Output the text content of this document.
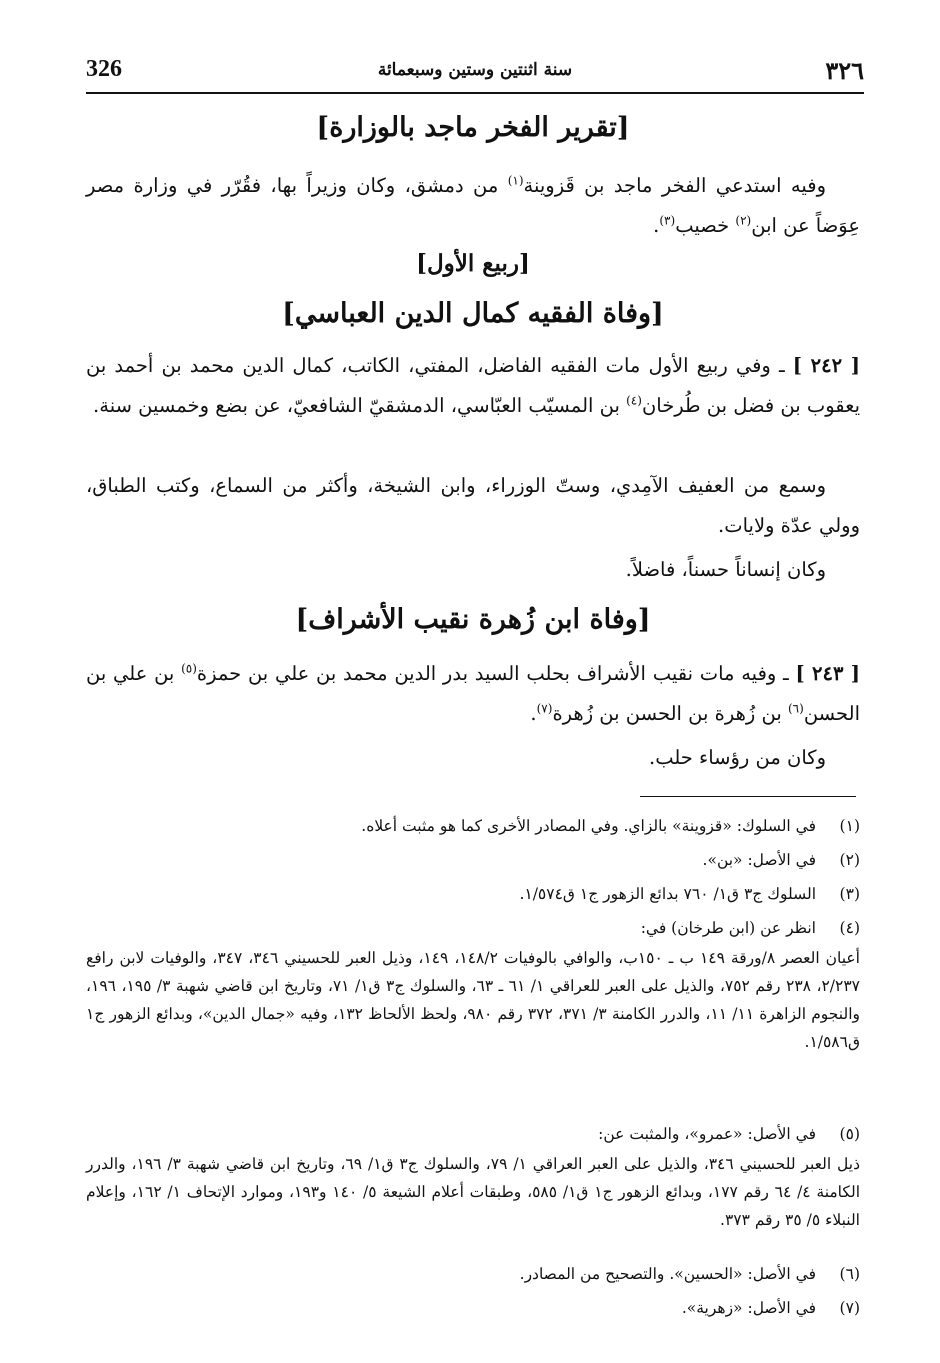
326	سنة اثنتين وستين وسبعمائة	٣٢٦
[تقرير الفخر ماجد بالوزارة]
وفيه استدعي الفخر ماجد بن قَزوينة$^{(١)}$ من دمشق، وكان وزيراً بها، فقُرّر في وزارة مصر عِوَضاً عن ابن$^{(٢)}$ خصيب$^{(٣)}$.
[ربيع الأول]
[وفاة الفقيه كمال الدين العباسي]
[ ٢٤٢ ] ـ وفي ربيع الأول مات الفقيه الفاضل، المفتي، الكاتب، كمال الدين محمد بن أحمد بن يعقوب بن فضل بن طُرخان$^{(٤)}$ بن المسيّب العبّاسي، الدمشقيّ الشافعيّ، عن بضع وخمسين سنة.
وسمع من العفيف الآمِدي، وستّ الوزراء، وابن الشيخة، وأكثر من السماع، وكتب الطباق، وولي عدّة ولايات.
وكان إنساناً حسناً، فاضلاً.
[وفاة ابن زُهرة نقيب الأشراف]
[ ٢٤٣ ] ـ وفيه مات نقيب الأشراف بحلب السيد بدر الدين محمد بن علي بن حمزة$^{(٥)}$ بن علي بن الحسن$^{(٦)}$ بن زُهرة بن الحسن بن زُهرة$^{(٧)}$.
وكان من رؤساء حلب.
(١)في السلوك: «قزوينة» بالزاي. وفي المصادر الأخرى كما هو مثبت أعلاه.
(٢)في الأصل: «بن».
(٣)السلوك ج٣ ق١/ ٧٦٠ بدائع الزهور ج١ ق١/٥٧٤.
(٤)انظر عن (ابن طرخان) في:
أعيان العصر ٨/ورقة ١٤٩ ب ـ ١٥٠ب، والوافي بالوفيات ١٤٨/٢، ١٤٩، وذيل العبر للحسيني ٣٤٦، ٣٤٧، والوفيات لابن رافع ٢/٢٣٧، ٢٣٨ رقم ٧٥٢، والذيل على العبر للعراقي ١/ ٦١ ـ ٦٣، والسلوك ج٣ ق١/ ٧١، وتاريخ ابن قاضي شهبة ٣/ ١٩٥، ١٩٦، والنجوم الزاهرة ١١/ ١١، والدرر الكامنة ٣/ ٣٧١، ٣٧٢ رقم ٩٨٠، ولحظ الألحاظ ١٣٢، وفيه «جمال الدين»، وبدائع الزهور ج١ ق١/٥٨٦.
(٥)في الأصل: «عمرو»، والمثبت عن:
ذيل العبر للحسيني ٣٤٦، والذيل على العبر العراقي ١/ ٧٩، والسلوك ج٣ ق١/ ٦٩، وتاريخ ابن قاضي شهبة ٣/ ١٩٦، والدرر الكامنة ٤/ ٦٤ رقم ١٧٧، وبدائع الزهور ج١ ق١/ ٥٨٥، وطبقات أعلام الشيعة ٥/ ١٤٠ و١٩٣، وموارد الإتحاف ١/ ١٦٢، وإعلام النبلاء ٥/ ٣٥ رقم ٣٧٣.
(٦)في الأصل: «الحسين». والتصحيح من المصادر.
(٧)في الأصل: «زهرية».
